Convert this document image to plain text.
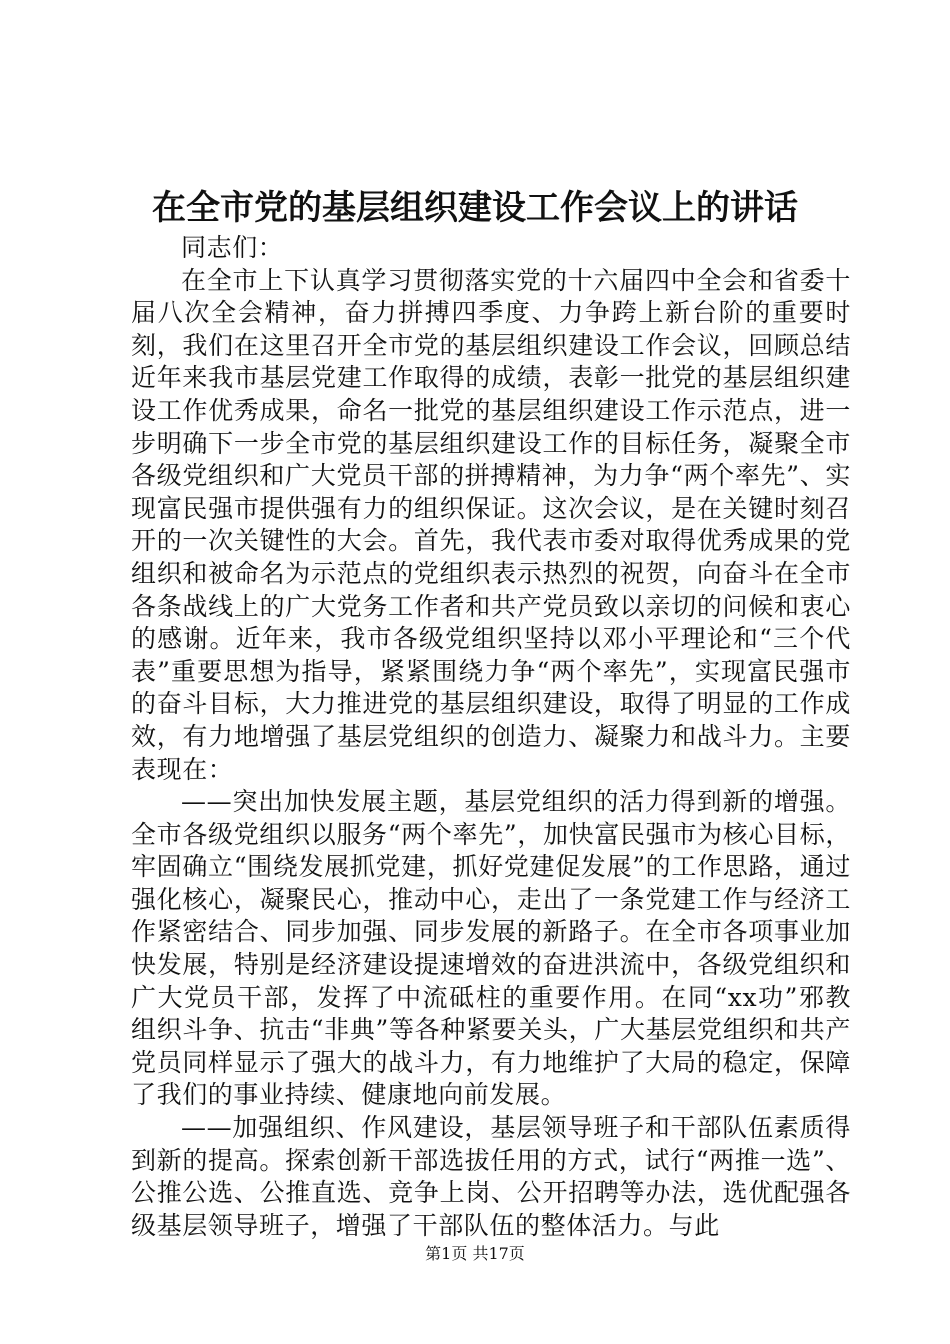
在全市党的基层组织建设工作会议上的讲话

同志们：

在全市上下认真学习贯彻落实党的十六届四中全会和省委十届八次全会精神，奋力拼搏四季度、力争跨上新台阶的重要时刻，我们在这里召开全市党的基层组织建设工作会议，回顾总结近年来我市基层党建工作取得的成绩，表彰一批党的基层组织建设工作优秀成果，命名一批党的基层组织建设工作示范点，进一步明确下一步全市党的基层组织建设工作的目标任务，凝聚全市各级党组织和广大党员干部的拼搏精神，为力争“两个率先”、实现富民强市提供强有力的组织保证。这次会议，是在关键时刻召开的一次关键性的大会。首先，我代表市委对取得优秀成果的党组织和被命名为示范点的党组织表示热烈的祝贺，向奋斗在全市各条战线上的广大党务工作者和共产党员致以亲切的问候和衷心的感谢。近年来，我市各级党组织坚持以邓小平理论和“三个代表”重要思想为指导，紧紧围绕力争“两个率先”，实现富民强市的奋斗目标，大力推进党的基层组织建设，取得了明显的工作成效，有力地增强了基层党组织的创造力、凝聚力和战斗力。主要表现在：

——突出加快发展主题，基层党组织的活力得到新的增强。全市各级党组织以服务“两个率先”，加快富民强市为核心目标，牢固确立“围绕发展抓党建，抓好党建促发展”的工作思路，通过强化核心，凝聚民心，推动中心，走出了一条党建工作与经济工作紧密结合、同步加强、同步发展的新路子。在全市各项事业加快发展，特别是经济建设提速增效的奋进洪流中，各级党组织和广大党员干部，发挥了中流砥柱的重要作用。在同“xx功”邪教组织斗争、抗击“非典”等各种紧要关头，广大基层党组织和共产党员同样显示了强大的战斗力，有力地维护了大局的稳定，保障了我们的事业持续、健康地向前发展。

——加强组织、作风建设，基层领导班子和干部队伍素质得到新的提高。探索创新干部选拔任用的方式，试行“两推一选”、公推公选、公推直选、竞争上岗、公开招聘等办法，选优配强各级基层领导班子，增强了干部队伍的整体活力。与此

第1页 共17页
